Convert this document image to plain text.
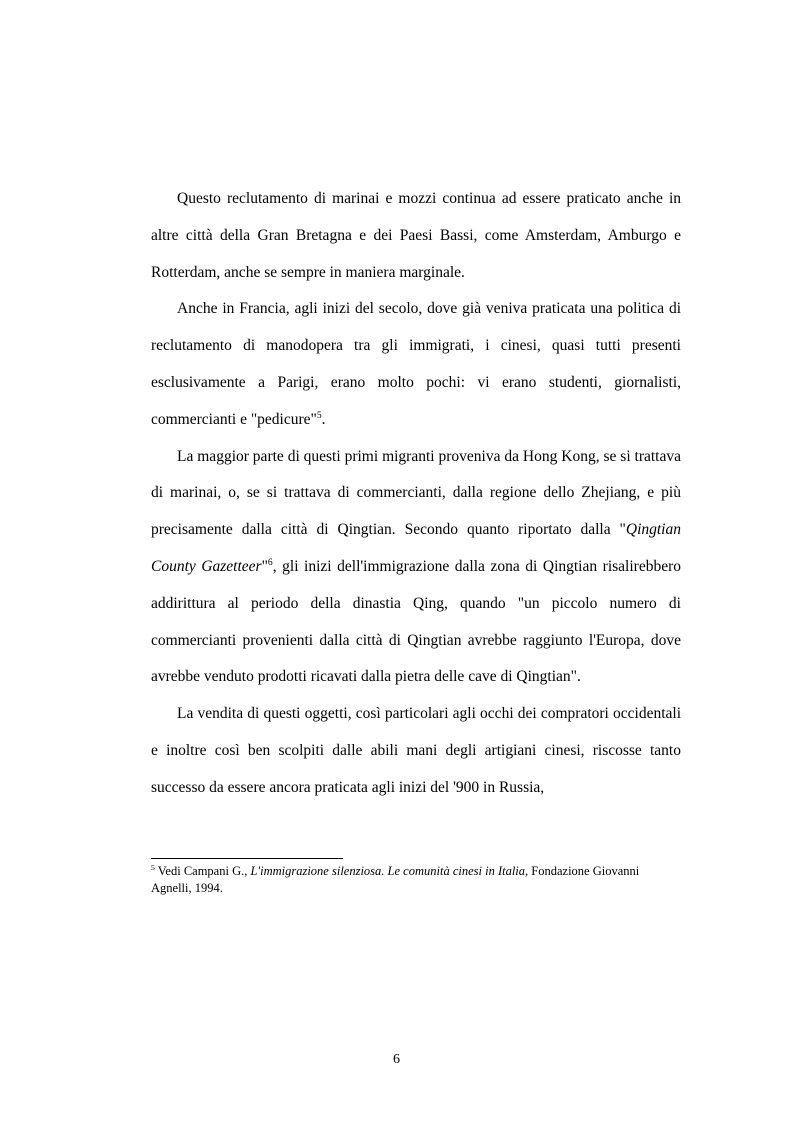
Questo reclutamento di marinai e mozzi continua ad essere praticato anche in altre città della Gran Bretagna e dei Paesi Bassi, come Amsterdam, Amburgo e Rotterdam, anche se sempre in maniera marginale.

Anche in Francia, agli inizi del secolo, dove già veniva praticata una politica di reclutamento di manodopera tra gli immigrati, i cinesi, quasi tutti presenti esclusivamente a Parigi, erano molto pochi: vi erano studenti, giornalisti, commercianti e "pedicure"$^5$.

La maggior parte di questi primi migranti proveniva da Hong Kong, se si trattava di marinai, o, se si trattava di commercianti, dalla regione dello Zhejiang, e più precisamente dalla città di Qingtian. Secondo quanto riportato dalla "Qingtian County Gazetteer"$^6$, gli inizi dell'immigrazione dalla zona di Qingtian risalirebbero addirittura al periodo della dinastia Qing, quando "un piccolo numero di commercianti provenienti dalla città di Qingtian avrebbe raggiunto l'Europa, dove avrebbe venduto prodotti ricavati dalla pietra delle cave di Qingtian".

La vendita di questi oggetti, così particolari agli occhi dei compratori occidentali e inoltre così ben scolpiti dalle abili mani degli artigiani cinesi, riscosse tanto successo da essere ancora praticata agli inizi del '900 in Russia,

$^5$ Vedi Campani G., L'immigrazione silenziosa. Le comunità cinesi in Italia, Fondazione Giovanni Agnelli, 1994.
6
